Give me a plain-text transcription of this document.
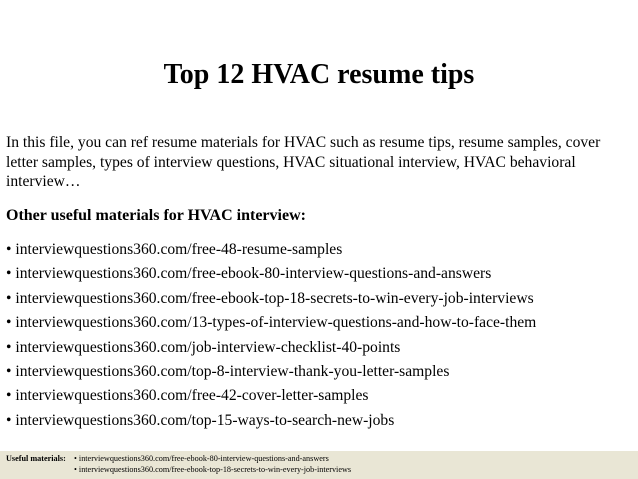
Top 12 HVAC resume tips

In this file, you can ref resume materials for HVAC such as resume tips, resume samples, cover letter samples, types of interview questions, HVAC situational interview, HVAC behavioral interview…

Other useful materials for HVAC interview:

• interviewquestions360.com/free-48-resume-samples
• interviewquestions360.com/free-ebook-80-interview-questions-and-answers
• interviewquestions360.com/free-ebook-top-18-secrets-to-win-every-job-interviews
• interviewquestions360.com/13-types-of-interview-questions-and-how-to-face-them
• interviewquestions360.com/job-interview-checklist-40-points
• interviewquestions360.com/top-8-interview-thank-you-letter-samples
• interviewquestions360.com/free-42-cover-letter-samples
• interviewquestions360.com/top-15-ways-to-search-new-jobs
Useful materials: • interviewquestions360.com/free-ebook-80-interview-questions-and-answers
• interviewquestions360.com/free-ebook-top-18-secrets-to-win-every-job-interviews
